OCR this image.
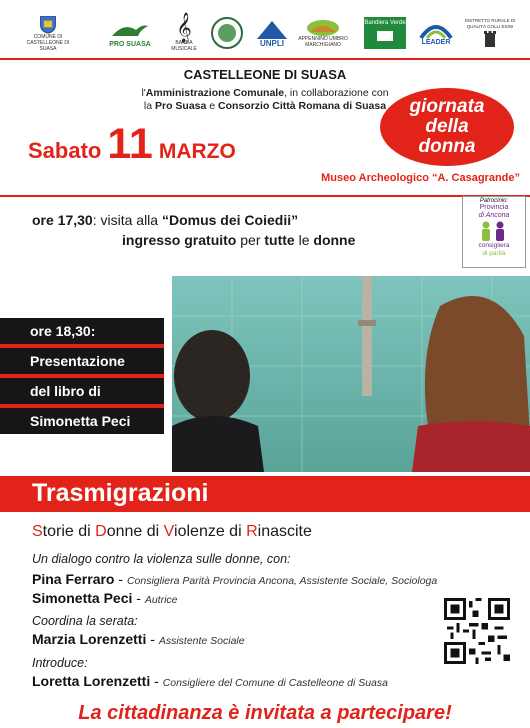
COMUNE DI CASTELLEONE DI SUASA
PRO SUASA
𝄞
BANDA MUSICALE
UNPLI	APPENNINO UMBRO MARCHIGIANO
Bandiera Verde
LEADER
DISTRETTO RURALE DI QUALITÀ COLLI ESINI
CASTELLEONE DI SUASA
l'Amministrazione Comunale, in collaborazione con
la Pro Suasa e Consorzio Città Romana di Suasa	giornata
della
donna
Sabato 11 MARZO
Museo Archeologico “A. Casagrande”
ore 17,30: visita alla “Domus dei Coiedii”
ingresso gratuito per tutte le donne
Patrocinio:
Provincia
di Ancona
consigliera
di parità
ore 18,30:
Presentazione
del libro di
Simonetta Peci
Trasmigrazioni
Storie di Donne di Violenze di Rinascite
Un dialogo contro la violenza sulle donne, con:
Pina Ferraro - Consigliera Parità Provincia Ancona, Assistente Sociale, Sociologa
Simonetta Peci - Autrice
Coordina la serata:
Marzia Lorenzetti - Assistente Sociale
Introduce:
Loretta Lorenzetti - Consigliere del Comune di Castelleone di Suasa
La cittadinanza è invitata a partecipare!
